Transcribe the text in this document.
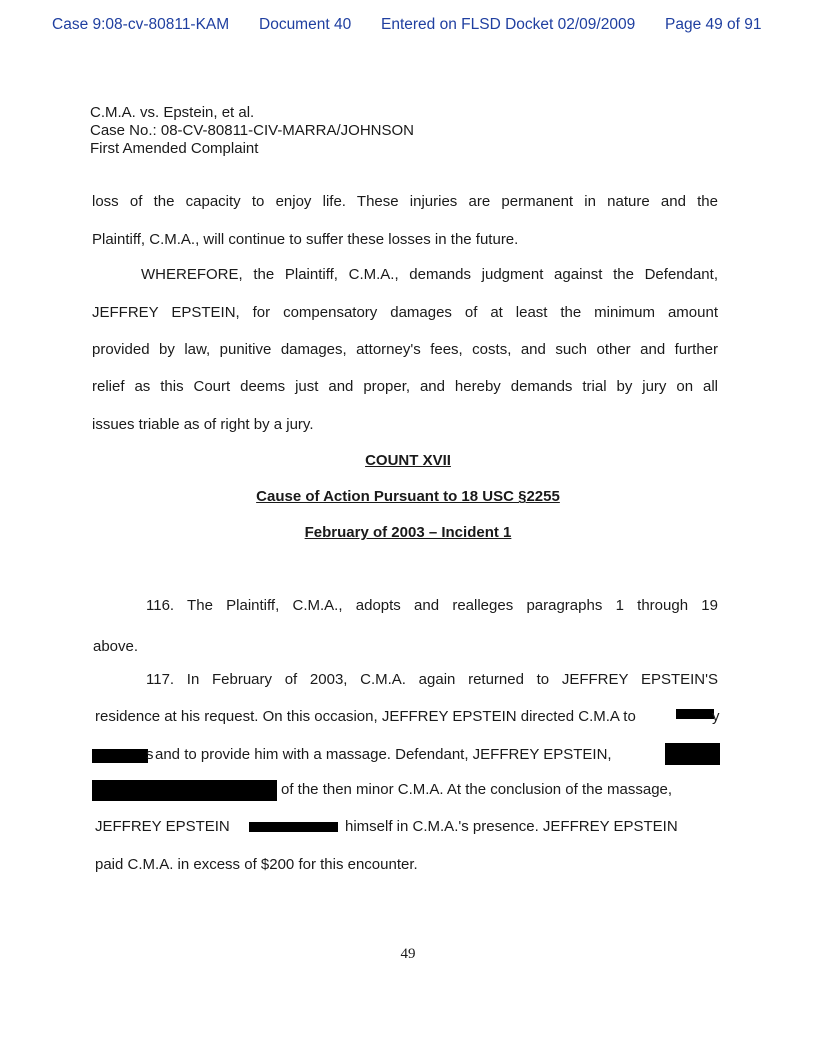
Case 9:08-cv-80811-KAM Document 40 Entered on FLSD Docket 02/09/2009 Page 49 of 91
C.M.A. vs. Epstein, et al.
Case No.: 08-CV-80811-CIV-MARRA/JOHNSON
First Amended Complaint
loss of the capacity to enjoy life. These injuries are permanent in nature and the
Plaintiff, C.M.A., will continue to suffer these losses in the future.
WHEREFORE, the Plaintiff, C.M.A., demands judgment against the Defendant,
JEFFREY EPSTEIN, for compensatory damages of at least the minimum amount
provided by law, punitive damages, attorney's fees, costs, and such other and further
relief as this Court deems just and proper, and hereby demands trial by jury on all
issues triable as of right by a jury.
COUNT XVII
Cause of Action Pursuant to 18 USC §2255
February of 2003 – Incident 1
116. The Plaintiff, C.M.A., adopts and realleges paragraphs 1 through 19
above.
117. In February of 2003, C.M.A. again returned to JEFFREY EPSTEIN'S
residence at his request. On this occasion, JEFFREY EPSTEIN directed C.M.A to	y
s and to provide him with a massage. Defendant, JEFFREY EPSTEIN,
of the then minor C.M.A. At the conclusion of the massage,
JEFFREY EPSTEIN	himself in C.M.A.'s presence. JEFFREY EPSTEIN
paid C.M.A. in excess of $200 for this encounter.
49
